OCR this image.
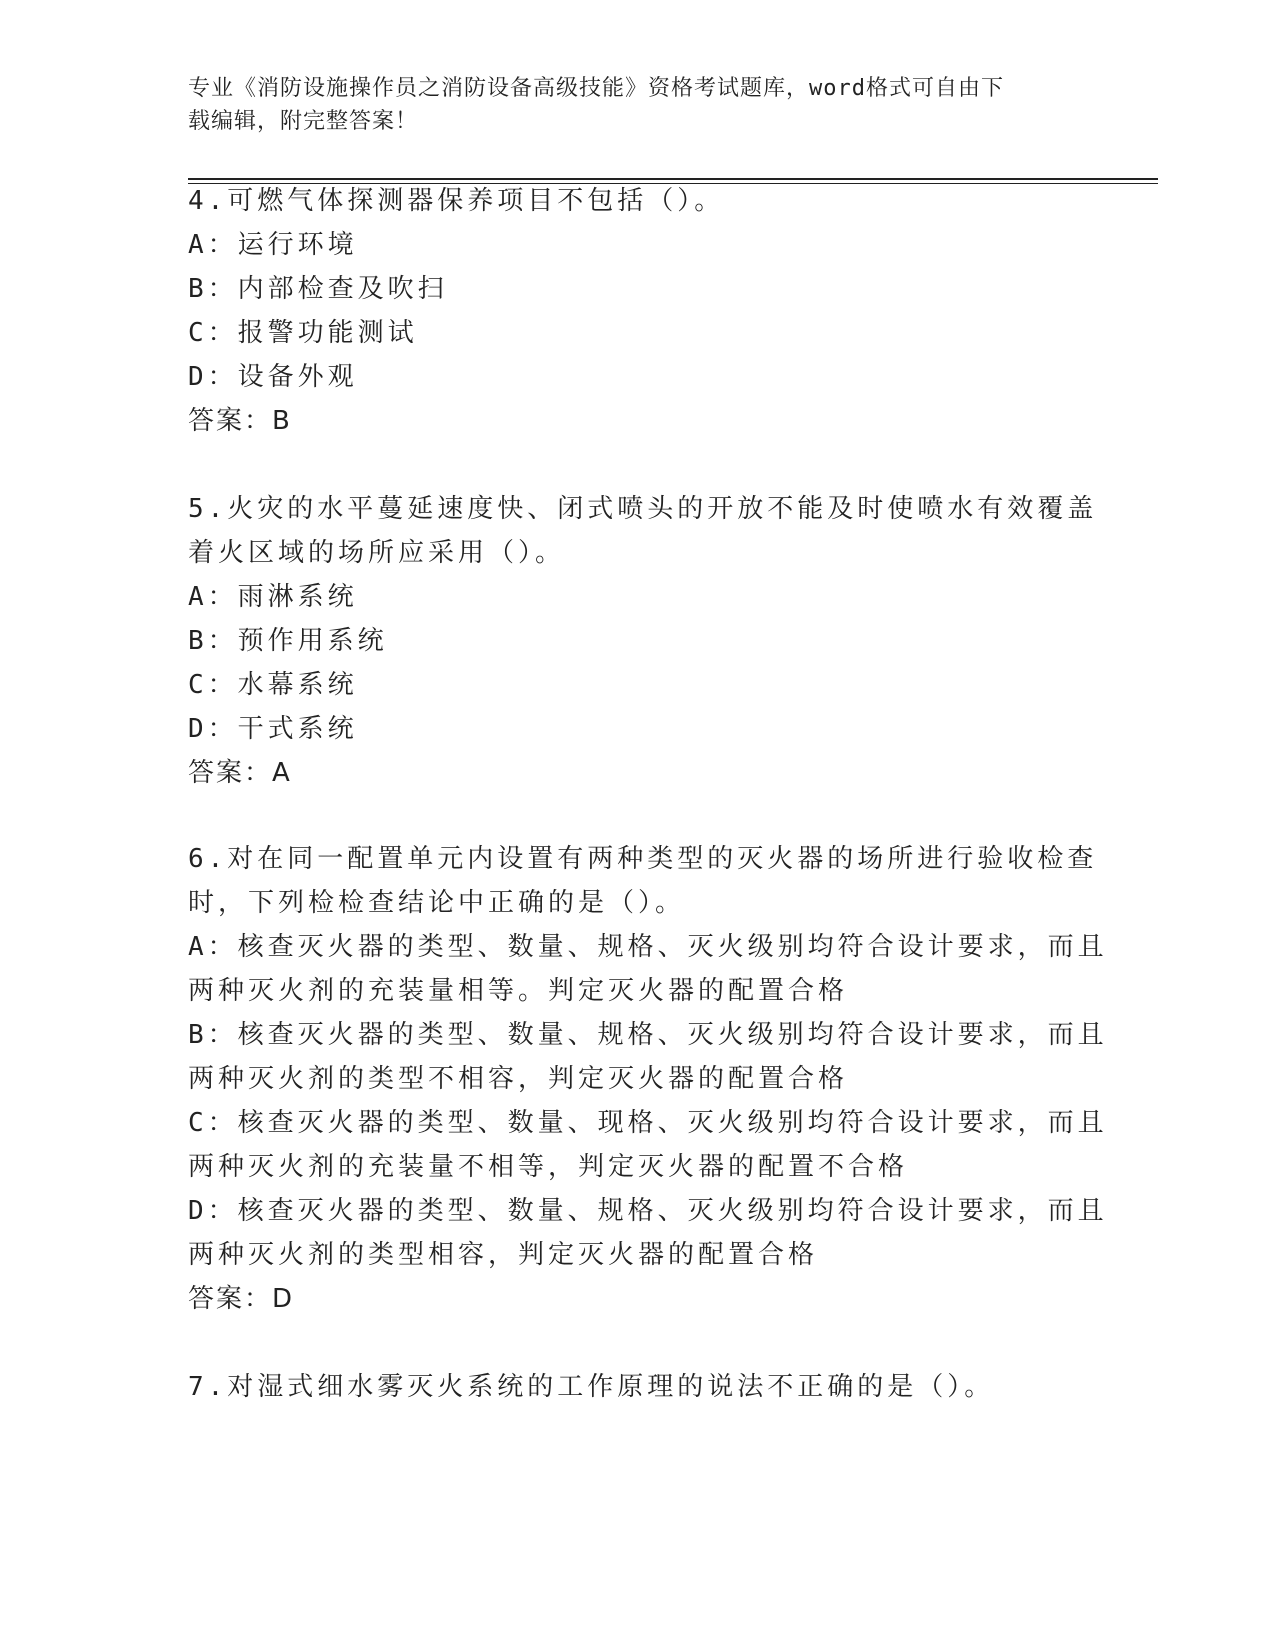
专业《消防设施操作员之消防设备高级技能》资格考试题库，word格式可自由下
载编辑，附完整答案！
4.可燃气体探测器保养项目不包括（）。
A：运行环境
B：内部检查及吹扫
C：报警功能测试
D：设备外观
答案：B
5.火灾的水平蔓延速度快、闭式喷头的开放不能及时使喷水有效覆盖
着火区域的场所应采用（）。
A：雨淋系统
B：预作用系统
C：水幕系统
D：干式系统
答案：A
6.对在同一配置单元内设置有两种类型的灭火器的场所进行验收检查
时，下列检检查结论中正确的是（）。
A：核查灭火器的类型、数量、规格、灭火级别均符合设计要求，而且
两种灭火剂的充装量相等。判定灭火器的配置合格
B：核查灭火器的类型、数量、规格、灭火级别均符合设计要求，而且
两种灭火剂的类型不相容，判定灭火器的配置合格
C：核查灭火器的类型、数量、现格、灭火级别均符合设计要求，而且
两种灭火剂的充装量不相等，判定灭火器的配置不合格
D：核查灭火器的类型、数量、规格、灭火级别均符合设计要求，而且
两种灭火剂的类型相容，判定灭火器的配置合格
答案：D
7.对湿式细水雾灭火系统的工作原理的说法不正确的是（）。
